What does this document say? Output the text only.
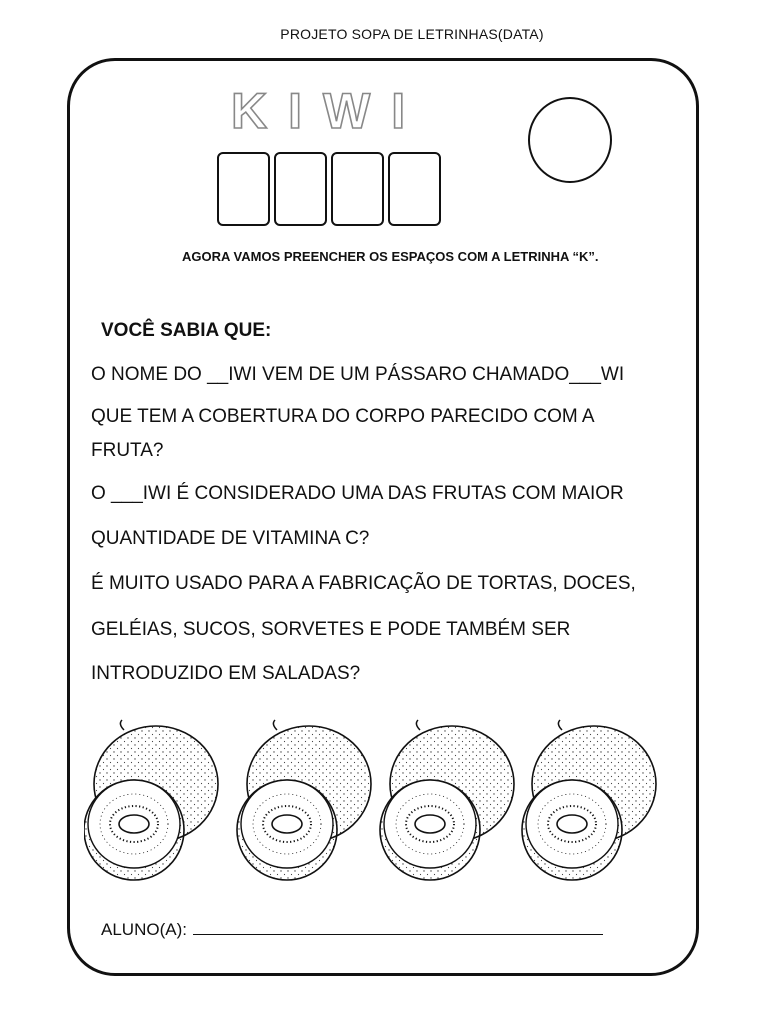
PROJETO SOPA DE LETRINHAS(DATA)
KIWI
AGORA VAMOS PREENCHER OS ESPAÇOS COM A LETRINHA “K”.
VOCÊ SABIA QUE:
O NOME DO __IWI VEM DE UM PÁSSARO CHAMADO___WI
QUE TEM A COBERTURA DO CORPO PARECIDO COM A
FRUTA?
O ___IWI É CONSIDERADO UMA DAS FRUTAS COM MAIOR
QUANTIDADE DE VITAMINA C?
É MUITO USADO PARA A FABRICAÇÃO DE TORTAS, DOCES,
GELÉIAS, SUCOS, SORVETES E PODE TAMBÉM SER
INTRODUZIDO EM SALADAS?
ALUNO(A):
